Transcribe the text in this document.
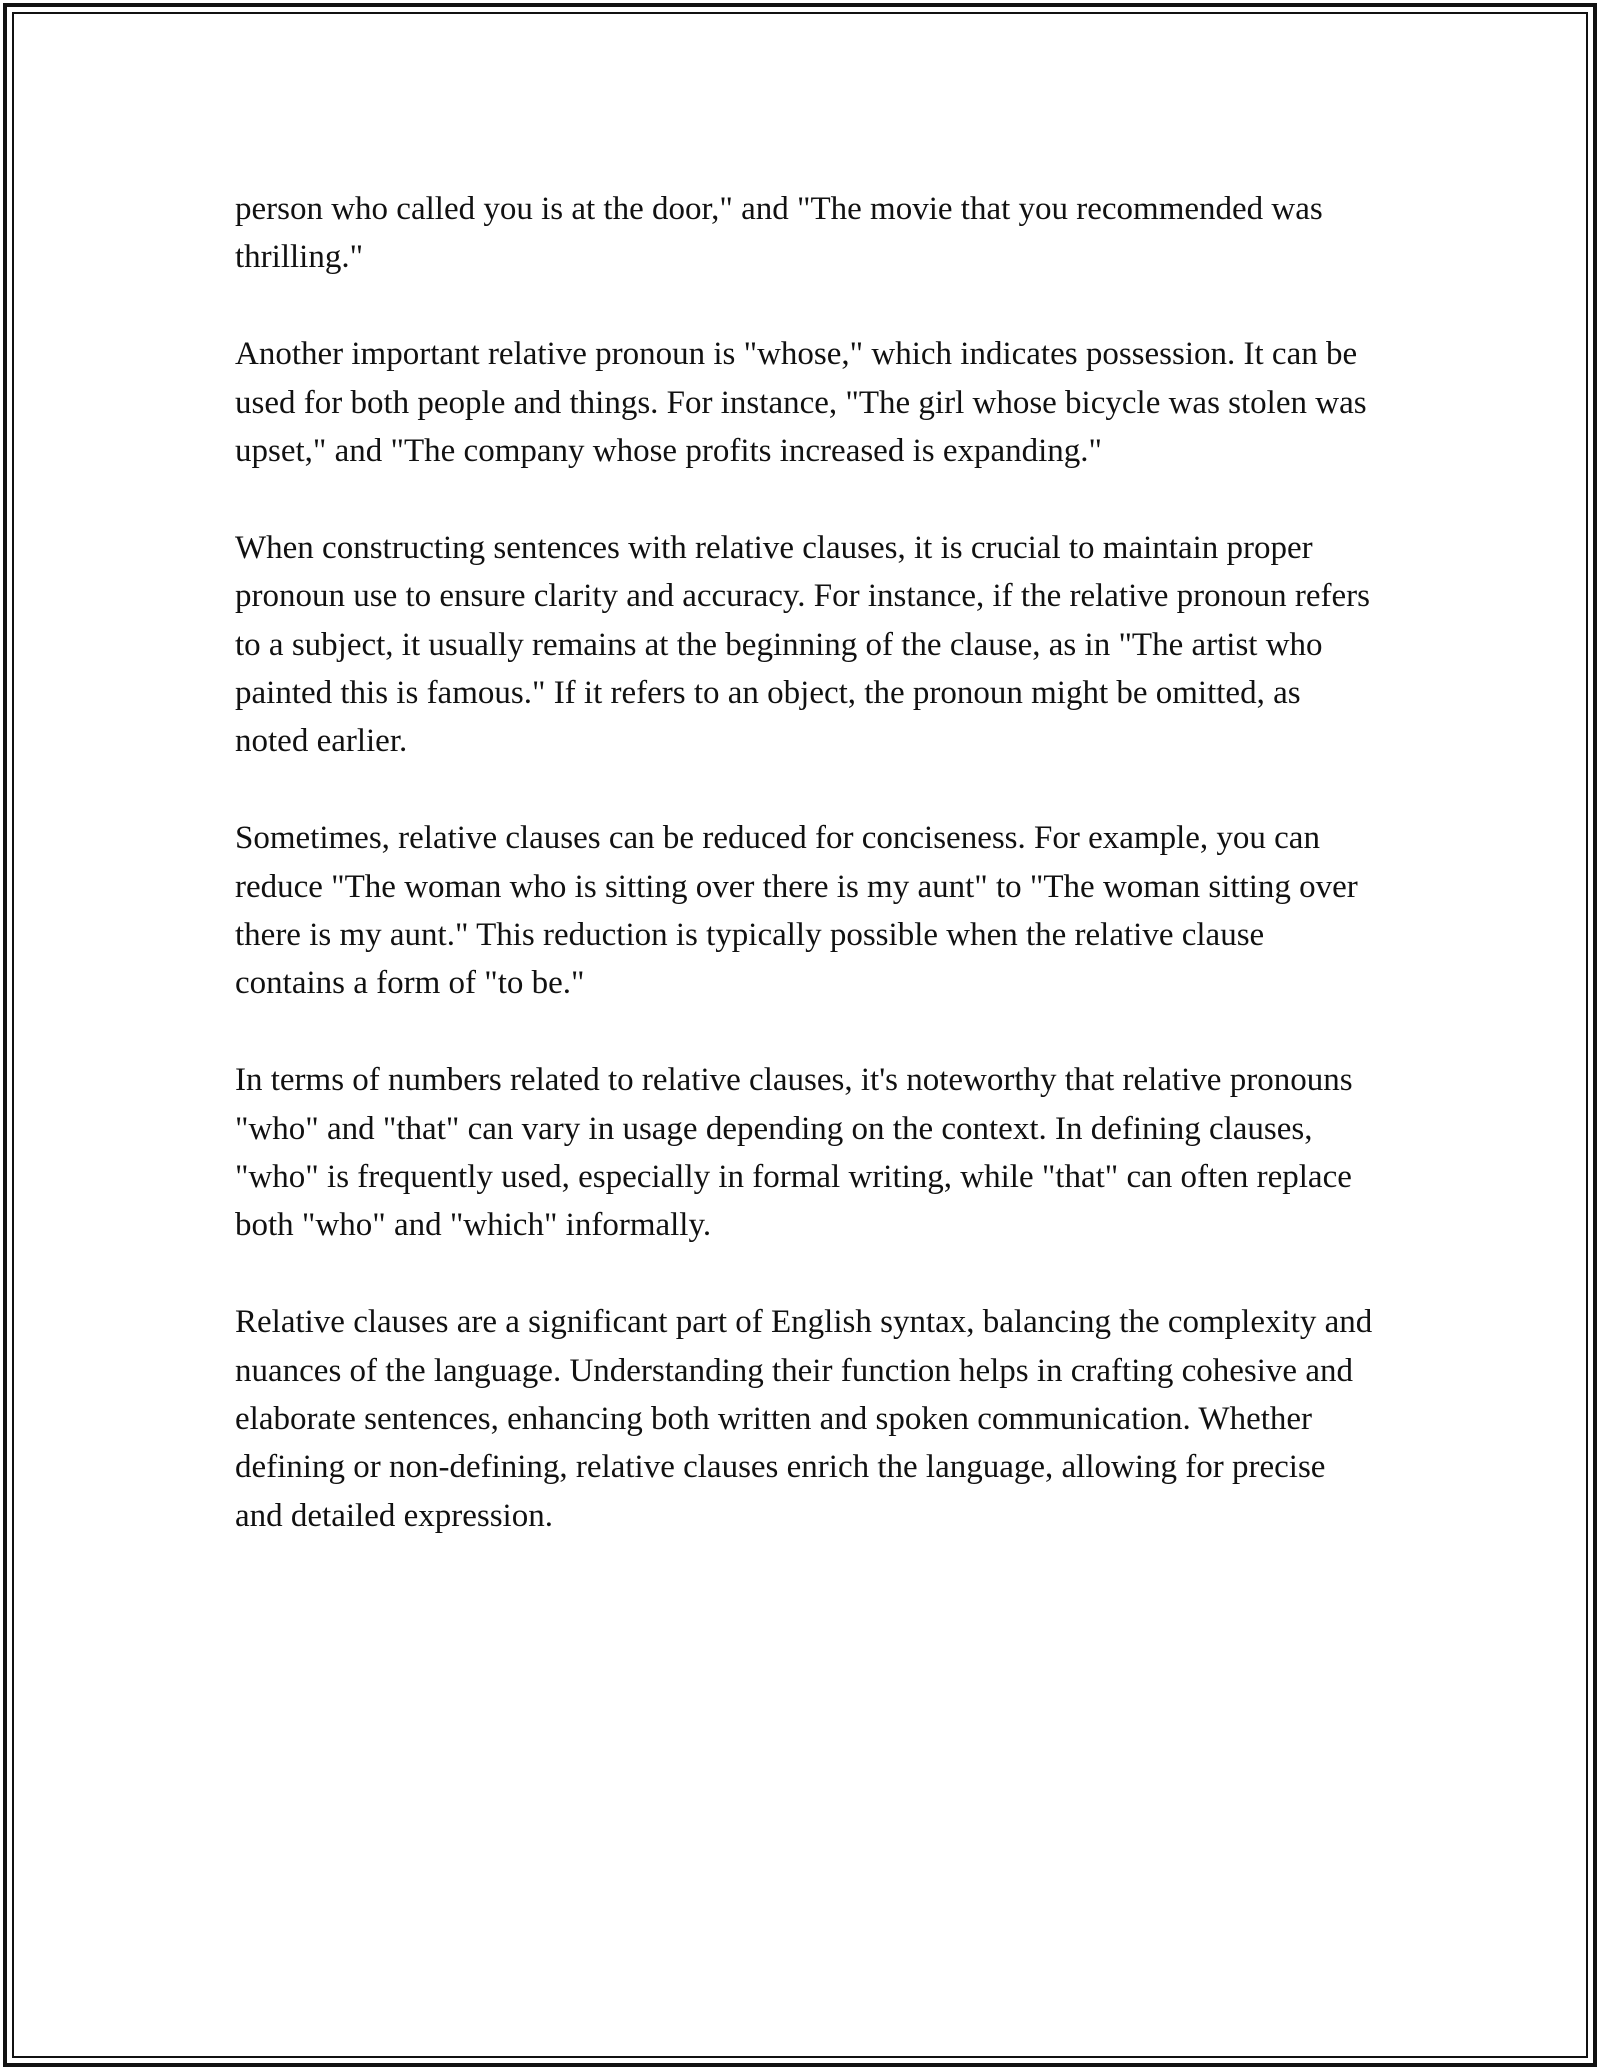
person who called you is at the door," and "The movie that you recommended was thrilling."

Another important relative pronoun is "whose," which indicates possession. It can be used for both people and things. For instance, "The girl whose bicycle was stolen was upset," and "The company whose profits increased is expanding."

When constructing sentences with relative clauses, it is crucial to maintain proper pronoun use to ensure clarity and accuracy. For instance, if the relative pronoun refers to a subject, it usually remains at the beginning of the clause, as in "The artist who painted this is famous." If it refers to an object, the pronoun might be omitted, as noted earlier.

Sometimes, relative clauses can be reduced for conciseness. For example, you can reduce "The woman who is sitting over there is my aunt" to "The woman sitting over there is my aunt." This reduction is typically possible when the relative clause contains a form of "to be."

In terms of numbers related to relative clauses, it's noteworthy that relative pronouns "who" and "that" can vary in usage depending on the context. In defining clauses, "who" is frequently used, especially in formal writing, while "that" can often replace both "who" and "which" informally.

Relative clauses are a significant part of English syntax, balancing the complexity and nuances of the language. Understanding their function helps in crafting cohesive and elaborate sentences, enhancing both written and spoken communication. Whether defining or non-defining, relative clauses enrich the language, allowing for precise and detailed expression.
